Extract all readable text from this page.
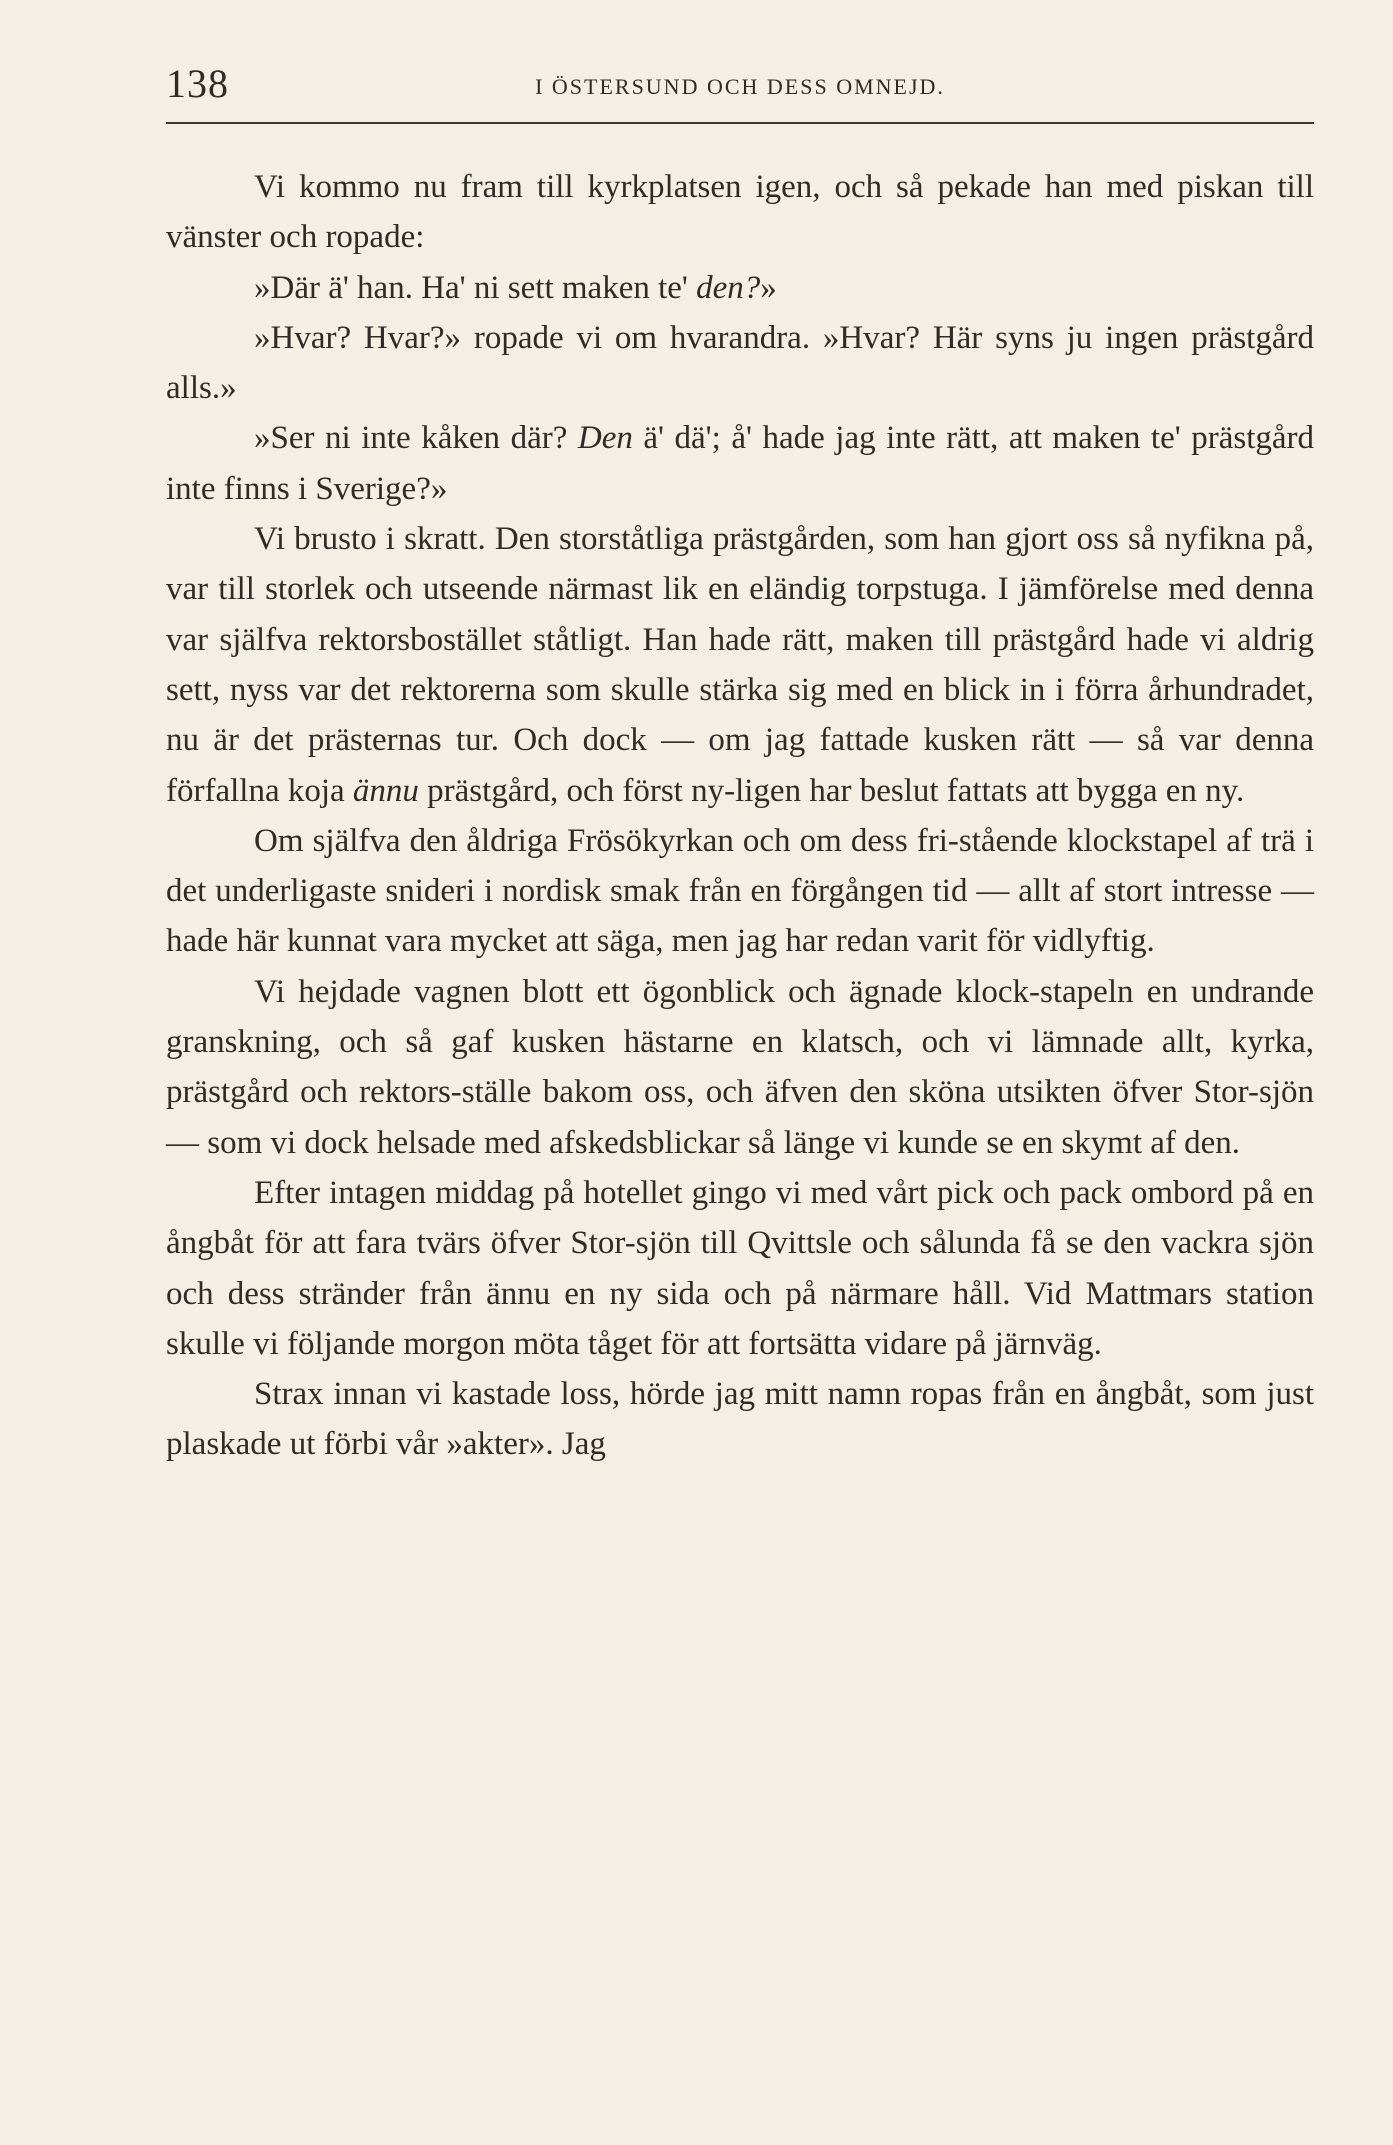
138	I ÖSTERSUND OCH DESS OMNEJD.

Vi kommo nu fram till kyrkplatsen igen, och så pekade han med piskan till vänster och ropade:

»Där ä' han. Ha' ni sett maken te' den?»

»Hvar? Hvar?» ropade vi om hvarandra. »Hvar? Här syns ju ingen prästgård alls.»

»Ser ni inte kåken där? Den ä' dä'; å' hade jag inte rätt, att maken te' prästgård inte finns i Sverige?»

Vi brusto i skratt. Den storståtliga prästgården, som han gjort oss så nyfikna på, var till storlek och utseende närmast lik en eländig torpstuga. I jämförelse med denna var själfva rektorsbostället ståtligt. Han hade rätt, maken till prästgård hade vi aldrig sett, nyss var det rektorerna som skulle stärka sig med en blick in i förra århundradet, nu är det prästernas tur. Och dock — om jag fattade kusken rätt — så var denna förfallna koja ännu prästgård, och först ny-ligen har beslut fattats att bygga en ny.

Om själfva den åldriga Frösökyrkan och om dess fri-stående klockstapel af trä i det underligaste snideri i nordisk smak från en förgången tid — allt af stort intresse — hade här kunnat vara mycket att säga, men jag har redan varit för vidlyftig.

Vi hejdade vagnen blott ett ögonblick och ägnade klock-stapeln en undrande granskning, och så gaf kusken hästarne en klatsch, och vi lämnade allt, kyrka, prästgård och rektors-ställe bakom oss, och äfven den sköna utsikten öfver Stor-sjön — som vi dock helsade med afskedsblickar så länge vi kunde se en skymt af den.

Efter intagen middag på hotellet gingo vi med vårt pick och pack ombord på en ångbåt för att fara tvärs öfver Stor-sjön till Qvittsle och sålunda få se den vackra sjön och dess stränder från ännu en ny sida och på närmare håll. Vid Mattmars station skulle vi följande morgon möta tåget för att fortsätta vidare på järnväg.

Strax innan vi kastade loss, hörde jag mitt namn ropas från en ångbåt, som just plaskade ut förbi vår »akter». Jag
